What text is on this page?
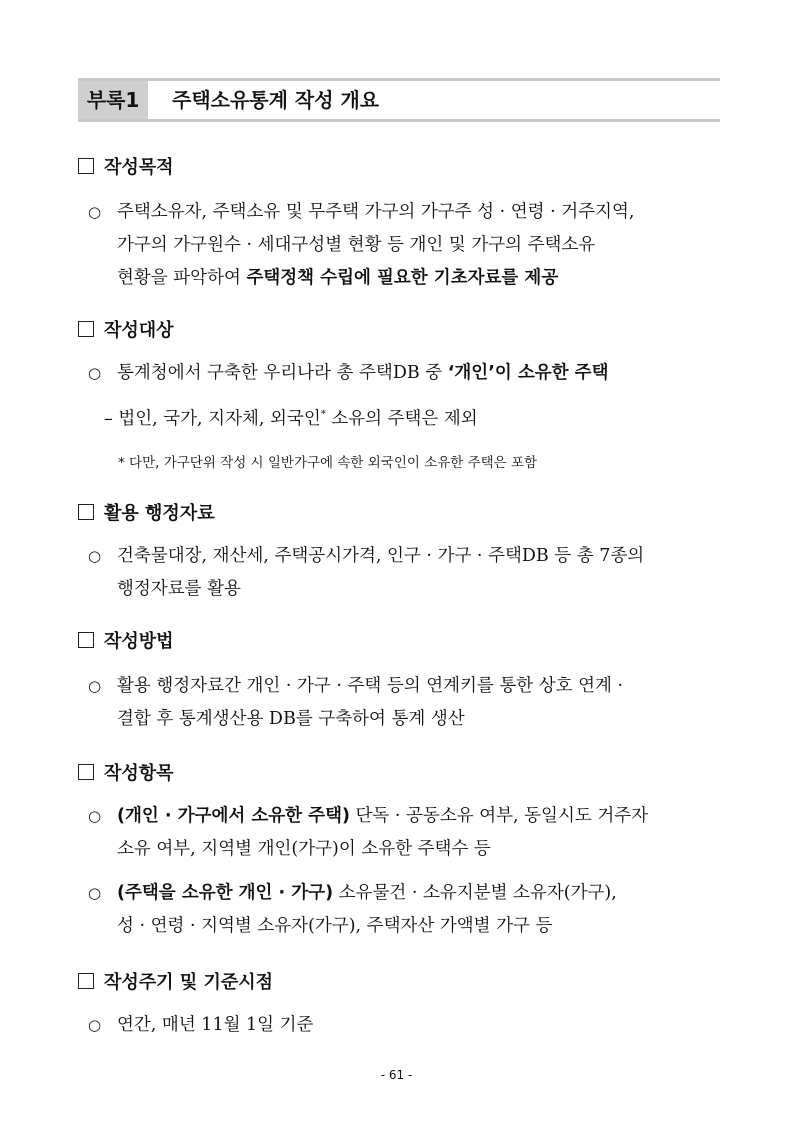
부록1	주택소유통계 작성 개요
작성목적
○ 주택소유자, 주택소유 및 무주택 가구의 가구주 성 · 연령 · 거주지역,
가구의 가구원수 · 세대구성별 현황 등 개인 및 가구의 주택소유
현황을 파악하여 주택정책 수립에 필요한 기초자료를 제공
작성대상
○ 통계청에서 구축한 우리나라 총 주택DB 중 ‘개인’이 소유한 주택
– 법인, 국가, 지자체, 외국인* 소유의 주택은 제외
* 다만, 가구단위 작성 시 일반가구에 속한 외국인이 소유한 주택은 포함
활용 행정자료
○ 건축물대장, 재산세, 주택공시가격, 인구 · 가구 · 주택DB 등 총 7종의
행정자료를 활용
작성방법
○ 활용 행정자료간 개인 · 가구 · 주택 등의 연계키를 통한 상호 연계 ·
결합 후 통계생산용 DB를 구축하여 통계 생산
작성항목
○ (개인 · 가구에서 소유한 주택) 단독 · 공동소유 여부, 동일시도 거주자
소유 여부, 지역별 개인(가구)이 소유한 주택수 등
○ (주택을 소유한 개인 · 가구) 소유물건 · 소유지분별 소유자(가구),
성 · 연령 · 지역별 소유자(가구), 주택자산 가액별 가구 등
작성주기 및 기준시점
○ 연간, 매년 11월 1일 기준
- 61 -
